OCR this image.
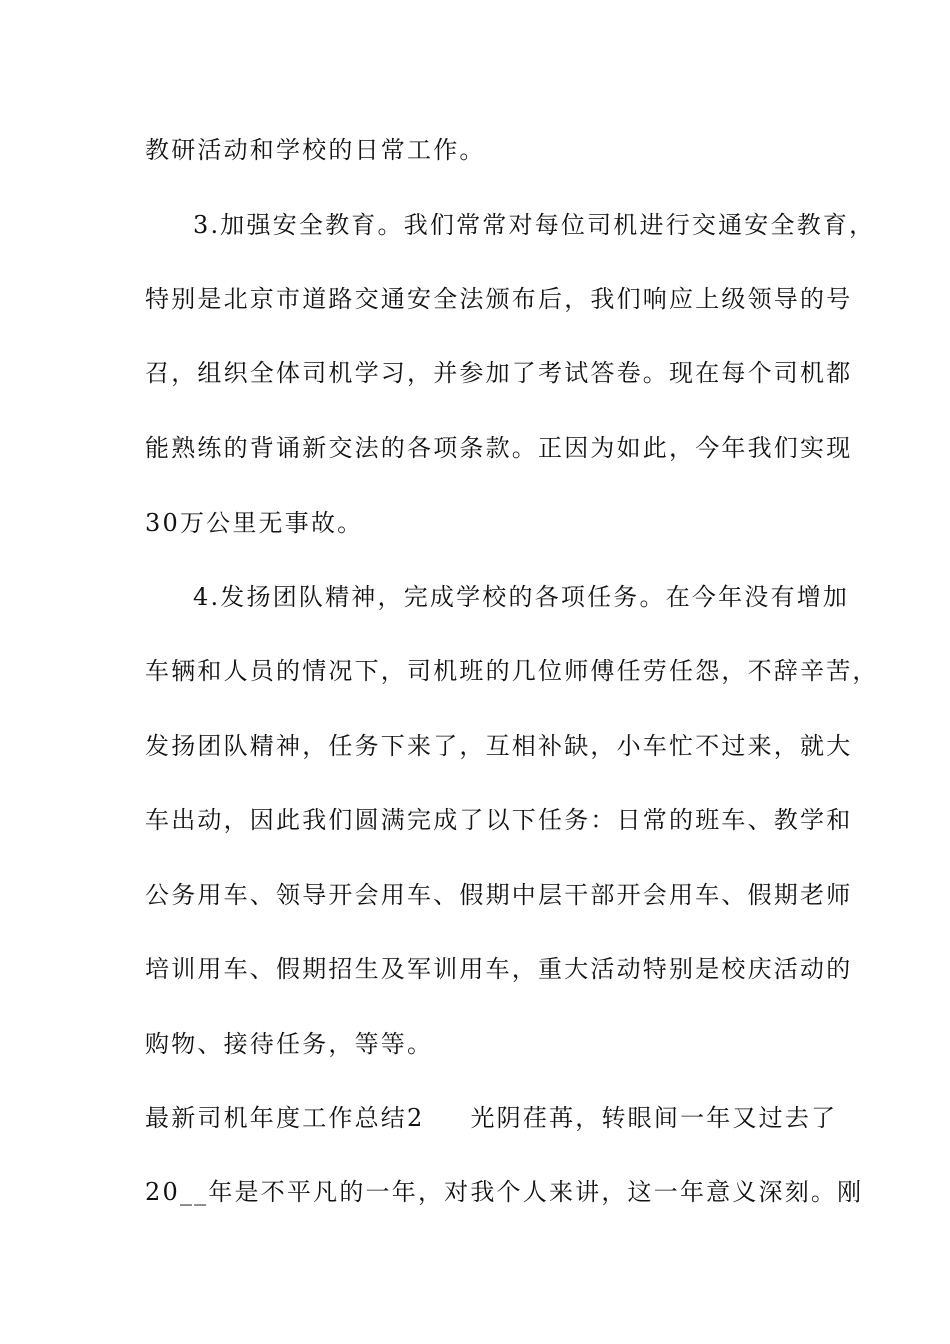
教研活动和学校的日常工作。
3.加强安全教育。我们常常对每位司机进行交通安全教育，
特别是北京市道路交通安全法颁布后，我们响应上级领导的号
召，组织全体司机学习，并参加了考试答卷。现在每个司机都
能熟练的背诵新交法的各项条款。正因为如此，今年我们实现
30万公里无事故。
4.发扬团队精神，完成学校的各项任务。在今年没有增加
车辆和人员的情况下，司机班的几位师傅任劳任怨，不辞辛苦，
发扬团队精神，任务下来了，互相补缺，小车忙不过来，就大
车出动，因此我们圆满完成了以下任务：日常的班车、教学和
公务用车、领导开会用车、假期中层干部开会用车、假期老师
培训用车、假期招生及军训用车，重大活动特别是校庆活动的
购物、接待任务，等等。
最新司机年度工作总结2 光阴荏苒，转眼间一年又过去了
20__年是不平凡的一年，对我个人来讲，这一年意义深刻。刚
